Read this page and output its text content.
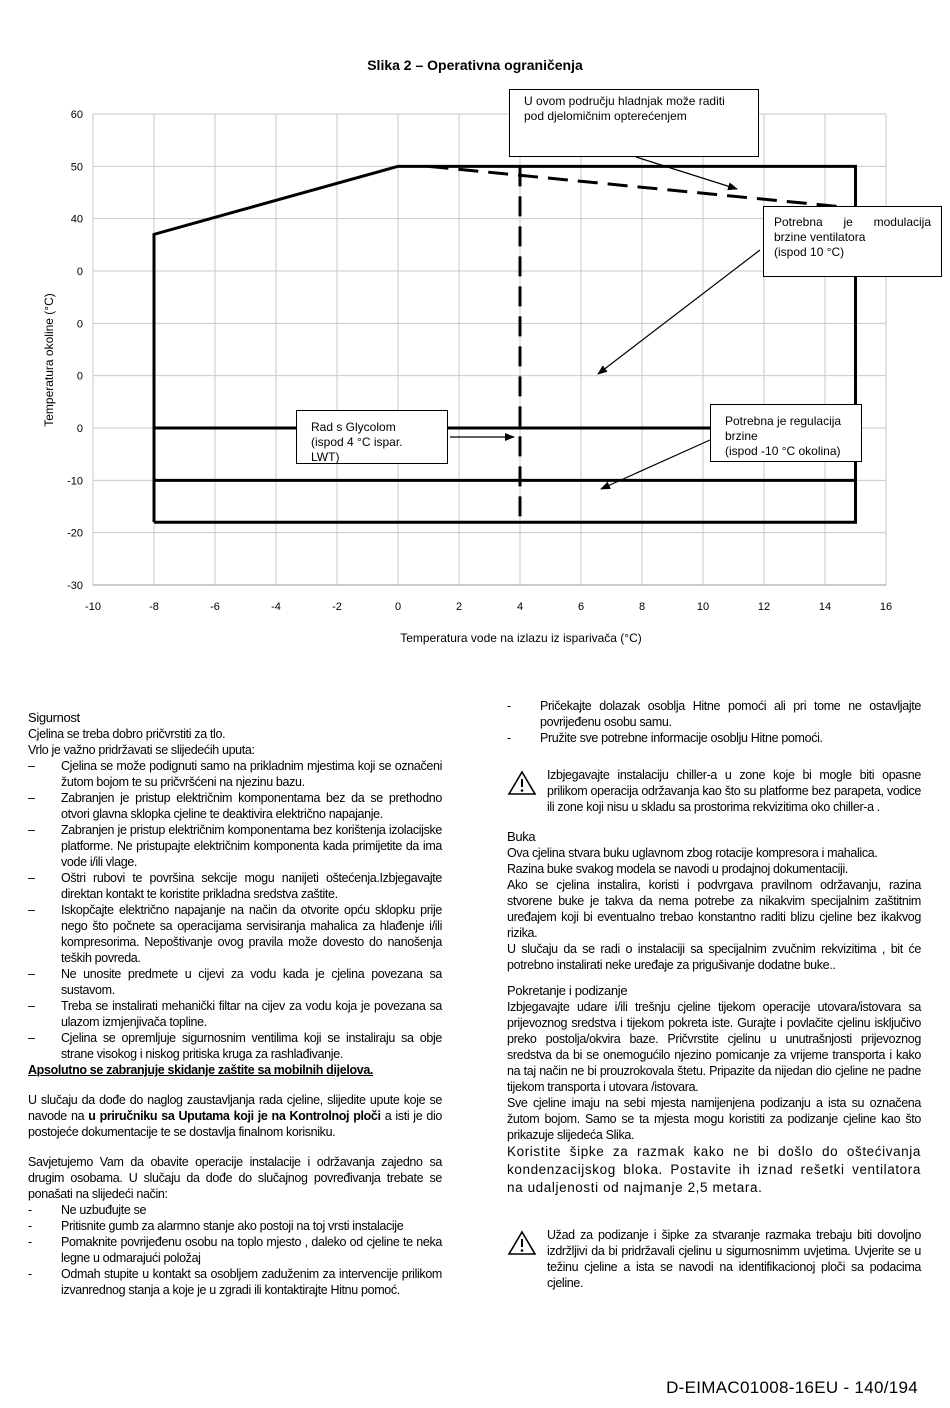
Slika 2 – Operativna ograničenja
-10	-8	-6	-4	-2	0	2	4	6	8	10	12	14	16
60
50
40
0
0
0
0
-10
-20
-30
Temperatura vode na izlazu iz isparivača (°C)
Temperatura okoline (°C)
U ovom području hladnjak može raditi
pod djelomičnim opterećenjem
Potrebna je modulacija
brzine ventilatora
(ispod 10 °C)
Rad s Glycolom
(ispod 4 °C ispar. LWT)
Potrebna je regulacija
brzine
(ispod -10 °C okolina)

Sigurnost

Cjelina se treba dobro pričvrstiti za tlo.

Vrlo je važno pridržavati se slijedećih uputa:

– Cjelina se može podignuti samo na prikladnim mjestima koji se označeni žutom bojom te su pričvršćeni na njezinu bazu.
– Zabranjen je pristup električnim komponentama bez da se prethodno otvori glavna sklopka cjeline te deaktivira električno napajanje.
– Zabranjen je pristup električnim komponentama bez korištenja izolacijske platforme. Ne pristupajte električnim komponenta kada primijetite da ima vode i/ili vlage.
– Oštri rubovi te površina sekcije mogu nanijeti oštećenja.Izbjegavajte direktan kontakt te koristite prikladna sredstva zaštite.
– Iskopčajte električno napajanje na način da otvorite opću sklopku prije nego što počnete sa operacijama servisiranja mahalica za hlađenje i/ili kompresorima. Nepoštivanje ovog pravila može dovesto do nanošenja teških povreda.
– Ne unosite predmete u cijevi za vodu kada je cjelina povezana sa sustavom.
– Treba se instalirati mehanički filtar na cijev za vodu koja je povezana sa ulazom izmjenjivača topline.
– Cjelina se opremljuje sigurnosnim ventilima koji se instaliraju sa obje strane visokog i niskog pritiska kruga za rashlađivanje.

Apsolutno se zabranjuje skidanje zaštite sa mobilnih dijelova.

U slučaju da dođe do naglog zaustavljanja rada cjeline, slijedite upute koje se navode na u priručniku sa Uputama koji je na Kontrolnoj ploči a isti je dio postojeće dokumentacije te se dostavlja finalnom korisniku.

Savjetujemo Vam da obavite operacije instalacije i održavanja zajedno sa drugim osobama. U slučaju da dođe do slučajnog povređivanja trebate se ponašati na slijedeći način:

- Ne uzbuđujte se
- Pritisnite gumb za alarmno stanje ako postoji na toj vrsti instalacije
- Pomaknite povrijeđenu osobu na toplo mjesto , daleko od cjeline te neka legne u odmarajući položaj
- Odmah stupite u kontakt sa osobljem zaduženim za intervencije prilikom izvanrednog stanja a koje je u zgradi ili kontaktirajte Hitnu pomoć.
- Pričekajte dolazak osoblja Hitne pomoći ali pri tome ne ostavljajte povrijeđenu osobu samu.
- Pružite sve potrebne informacije osoblju Hitne pomoći.

Izbjegavajte instalaciju chiller-a u zone koje bi mogle biti opasne prilikom operacija održavanja kao što su platforme bez parapeta, vodice ili zone koji nisu u skladu sa prostorima rekvizitima oko chiller-a .

Buka

Ova cjelina stvara buku uglavnom zbog rotacije kompresora i mahalica.

Razina buke svakog modela se navodi u prodajnoj dokumentaciji.

Ako se cjelina instalira, koristi i podvrgava pravilnom održavanju, razina stvorene buke je takva da nema potrebe za nikakvim specijalnim zaštitnim uređajem koji bi eventualno trebao konstantno raditi blizu cjeline bez ikakvog rizika.

U slučaju da se radi o instalaciji sa specijalnim zvučnim rekvizitima , bit će potrebno instalirati neke uređaje za prigušivanje dodatne buke..

Pokretanje i podizanje

Izbjegavajte udare i/ili trešnju cjeline tijekom operacije utovara/istovara sa prijevoznog sredstva i tijekom pokreta iste. Gurajte i povlačite cjelinu isključivo preko postolja/okvira baze. Pričvrstite cjelinu u unutrašnjosti prijevoznog sredstva da bi se onemogućilo njezino pomicanje za vrijeme transporta i kako na taj način ne bi prouzrokovala štetu. Pripazite da nijedan dio cjeline ne padne tijekom transporta i utovara /istovara.

Sve cjeline imaju na sebi mjesta namijenjena podizanju a ista su označena žutom bojom. Samo se ta mjesta mogu koristiti za podizanje cjeline kao što prikazuje slijedeća Slika.

Koristite šipke za razmak kako ne bi došlo do oštećivanja kondenzacijskog bloka. Postavite ih iznad rešetki ventilatora na udaljenosti od najmanje 2,5 metara.

Užad za podizanje i šipke za stvaranje razmaka trebaju biti dovoljno izdržljivi da bi pridržavali cjelinu u sigurnosnimm uvjetima. Uvjerite se u težinu cjeline a ista se navodi na identifikacionoj ploči sa podacima cjeline.

D-EIMAC01008-16EU - 140/194
